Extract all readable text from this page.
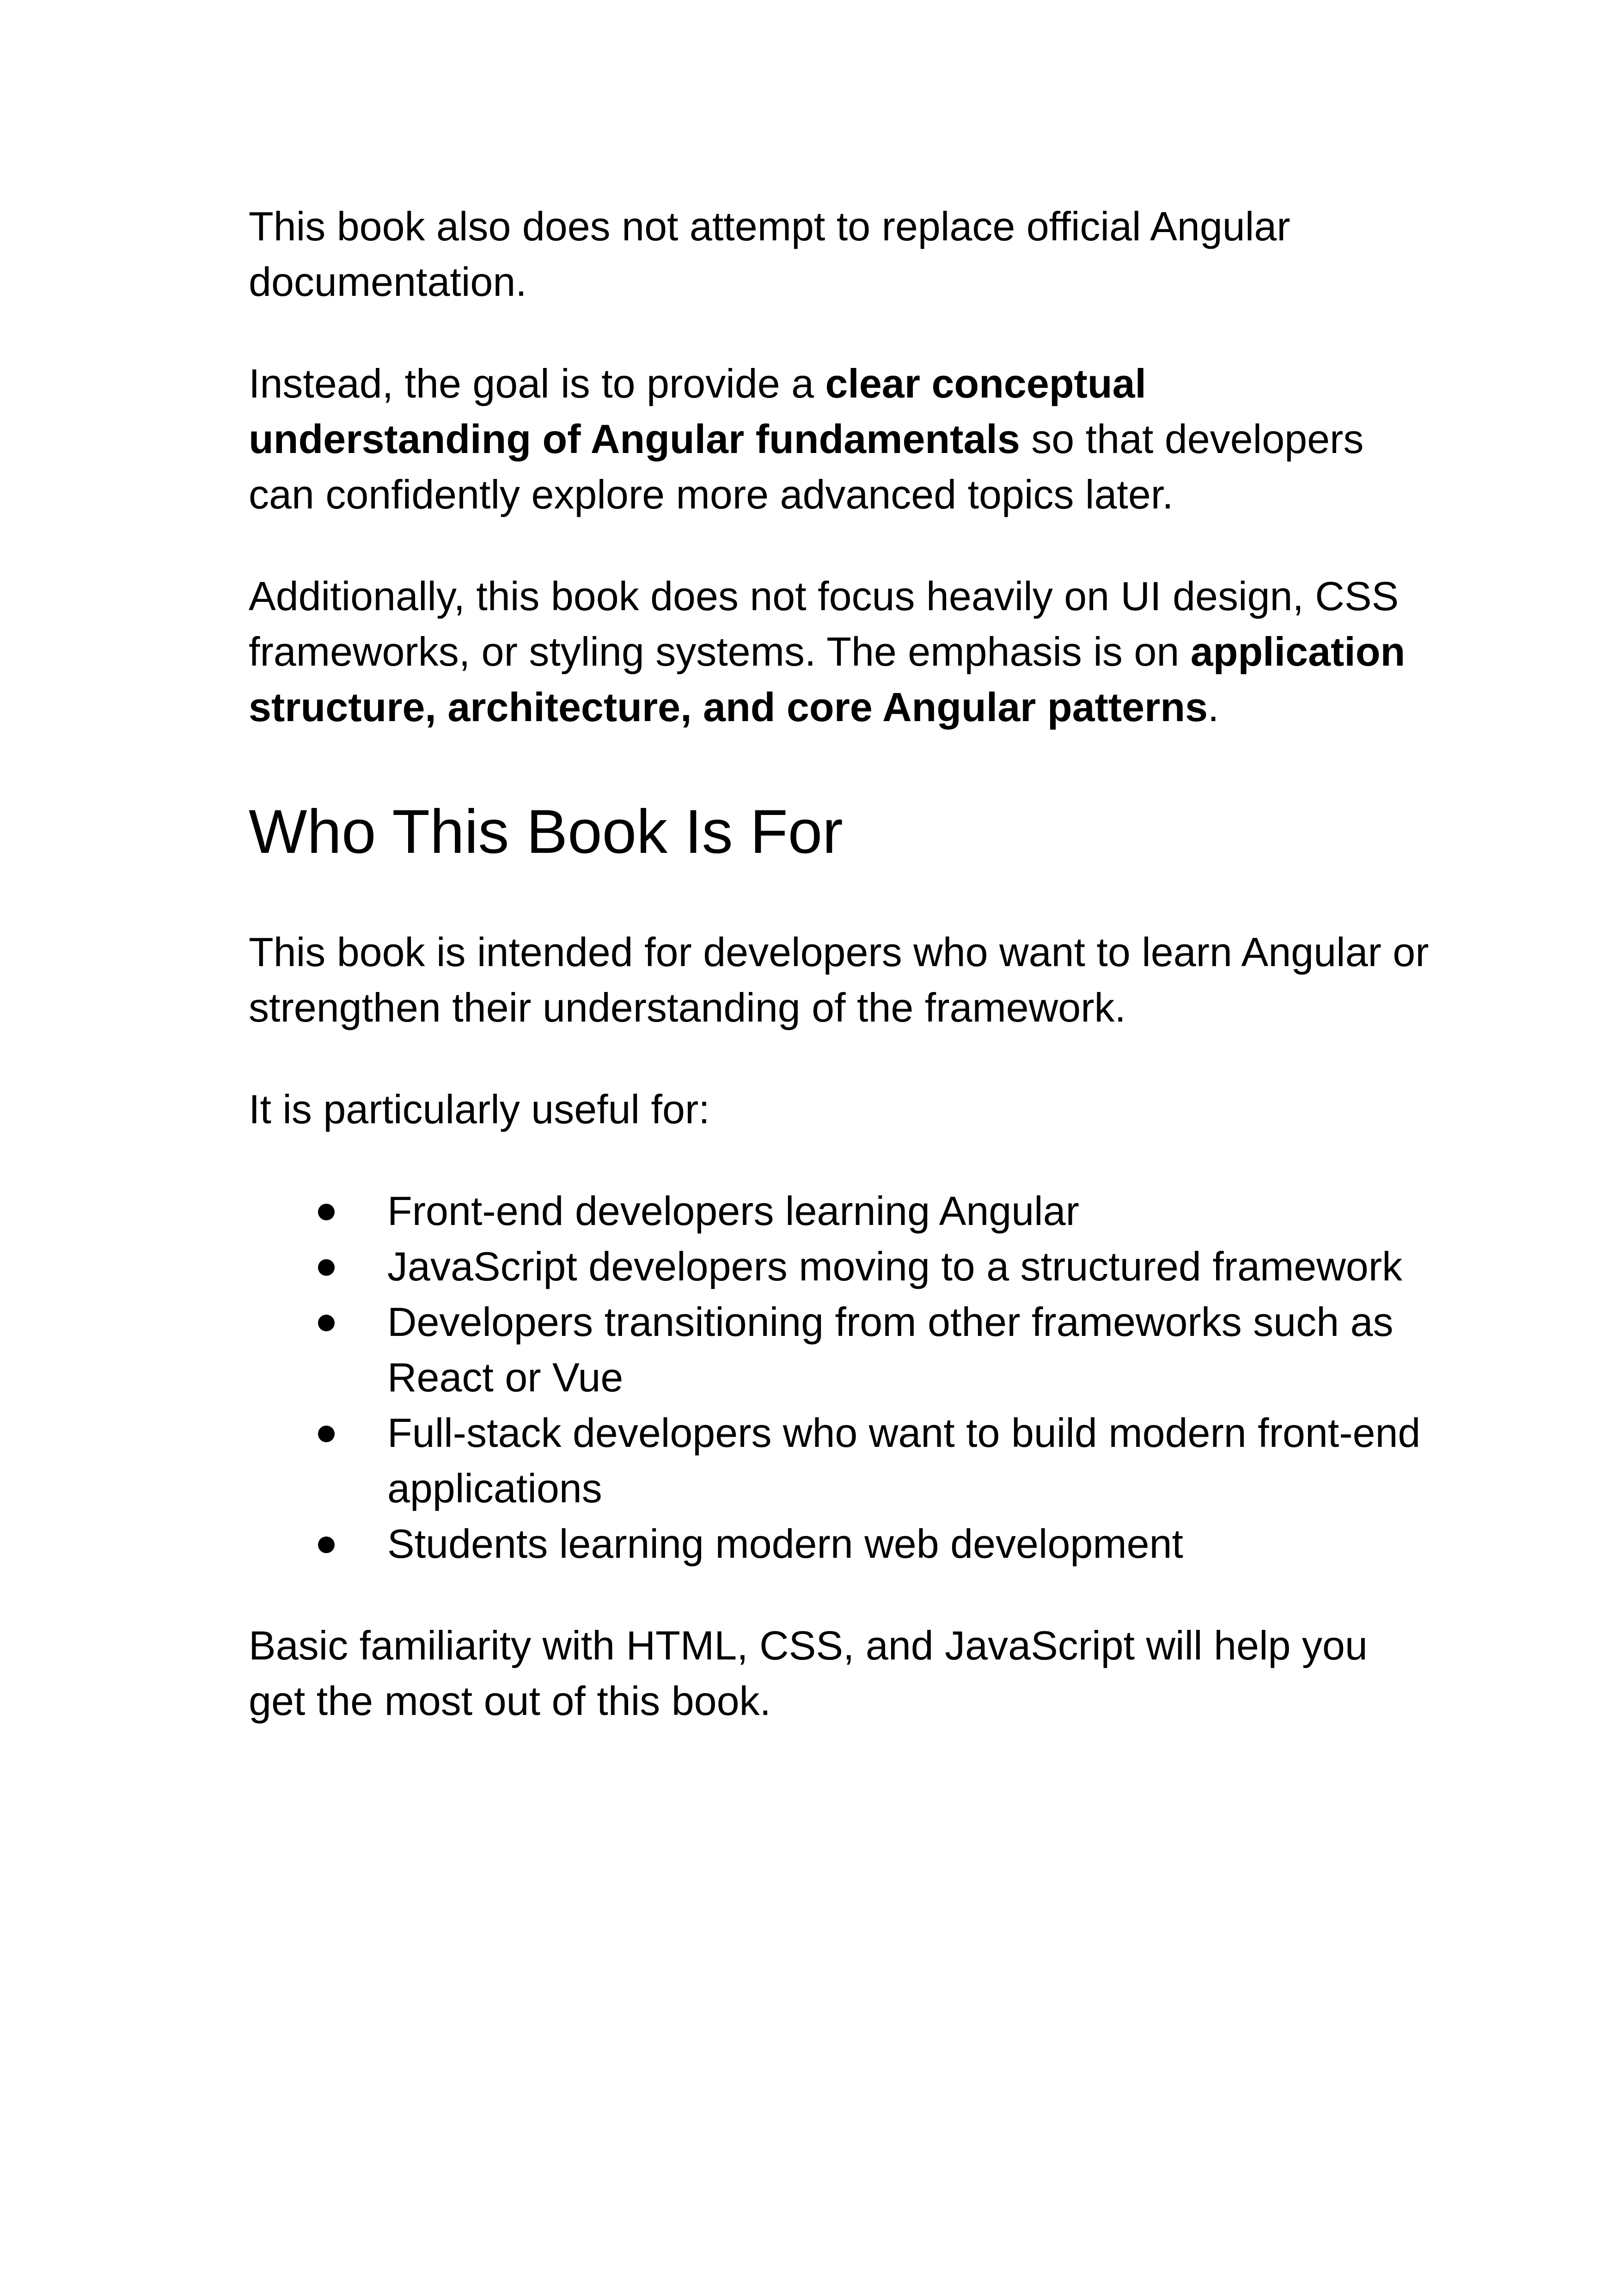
This book also does not attempt to replace official Angular documentation.

Instead, the goal is to provide a clear conceptual understanding of Angular fundamentals so that developers can confidently explore more advanced topics later.

Additionally, this book does not focus heavily on UI design, CSS frameworks, or styling systems. The emphasis is on application structure, architecture, and core Angular patterns.

Who This Book Is For

This book is intended for developers who want to learn Angular or strengthen their understanding of the framework.

It is particularly useful for:

Front-end developers learning Angular
JavaScript developers moving to a structured framework
Developers transitioning from other frameworks such as React or Vue
Full-stack developers who want to build modern front-end applications
Students learning modern web development

Basic familiarity with HTML, CSS, and JavaScript will help you get the most out of this book.
